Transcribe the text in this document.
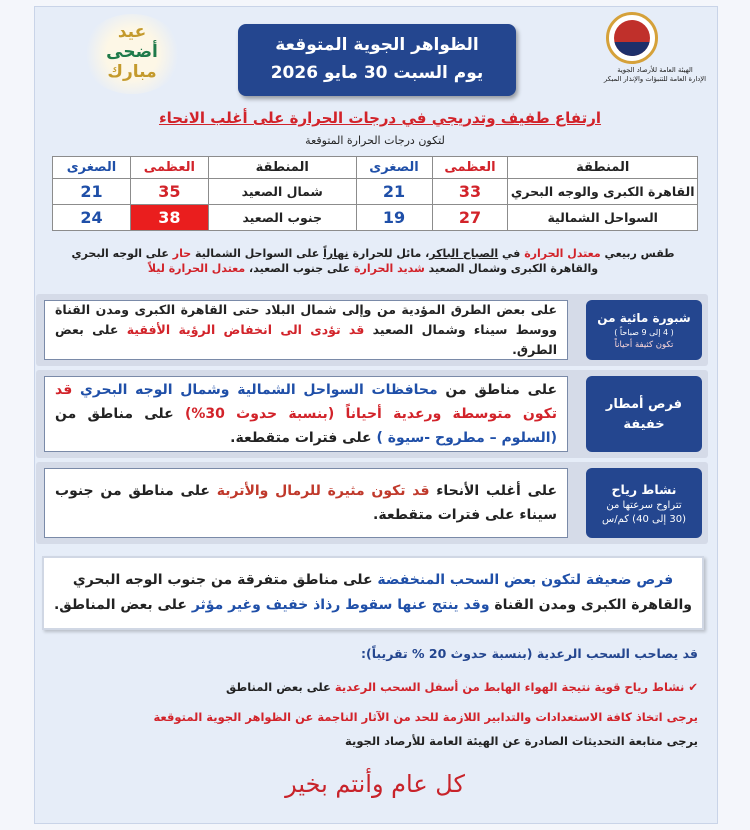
عيد
أضحى
مبارك
الظواهر الجوية المتوقعة
يوم السبت 30 مايو 2026	الهيئة العامة للأرصاد الجوية
الإدارة العامة للتنبؤات والإنذار المبكر
ارتفاع طفيف وتدريجي في درجات الحرارة على أغلب الانحاء
لتكون درجات الحرارة المتوقعة
المنطقة	العظمى	الصغرى	المنطقة	العظمى	الصغرى
القاهرة الكبرى والوجه البحري	33	21	شمال الصعيد	35	21
السواحل الشمالية	27	19	جنوب الصعيد	38	24
طقس ربيعي معتدل الحرارة في الصباح الباكر، مائل للحرارة نهاراً على السواحل الشمالية حار على الوجه البحري
والقاهرة الكبرى وشمال الصعيد شديد الحرارة على جنوب الصعيد، معتدل الحرارة ليلاً
شبورة مائية من
( 4 إلى 9 صباحاً )
تكون كثيفة أحياناً
على بعض الطرق المؤدية من وإلى شمال البلاد حتى القاهرة الكبرى ومدن القناة ووسط سيناء وشمال الصعيد قد تؤدى الى انخفاض الرؤية الأفقية على بعض الطرق.
فرص أمطار
خفيفة
على مناطق من محافظات السواحل الشمالية وشمال الوجه البحري قد تكون متوسطة ورعدية أحياناً (بنسبة حدوث 30%) على مناطق من (السلوم – مطروح -سيوة ) على فترات متقطعة.
نشاط رياح
تتراوح سرعتها من
(30 إلى 40) كم/س
على أغلب الأنحاء قد تكون مثيرة للرمال والأتربة على مناطق من جنوب سيناء على فترات متقطعة.
فرص ضعيفة لتكون بعض السحب المنخفضة على مناطق متفرقة من جنوب الوجه البحري
والقاهرة الكبرى ومدن القناة وقد ينتج عنها سقوط رذاذ خفيف وغير مؤثر على بعض المناطق.
قد يصاحب السحب الرعدية (بنسبة حدوث 20 % تقريباً):
✔ نشاط رياح قوية نتيجة الهواء الهابط من أسفل السحب الرعدية على بعض المناطق
يرجى اتخاذ كافة الاستعدادات والتدابير اللازمة للحد من الآثار الناجمة عن الظواهر الجوية المتوقعة
يرجى متابعة التحديثات الصادرة عن الهيئة العامة للأرصاد الجوية
كل عام وأنتم بخير
